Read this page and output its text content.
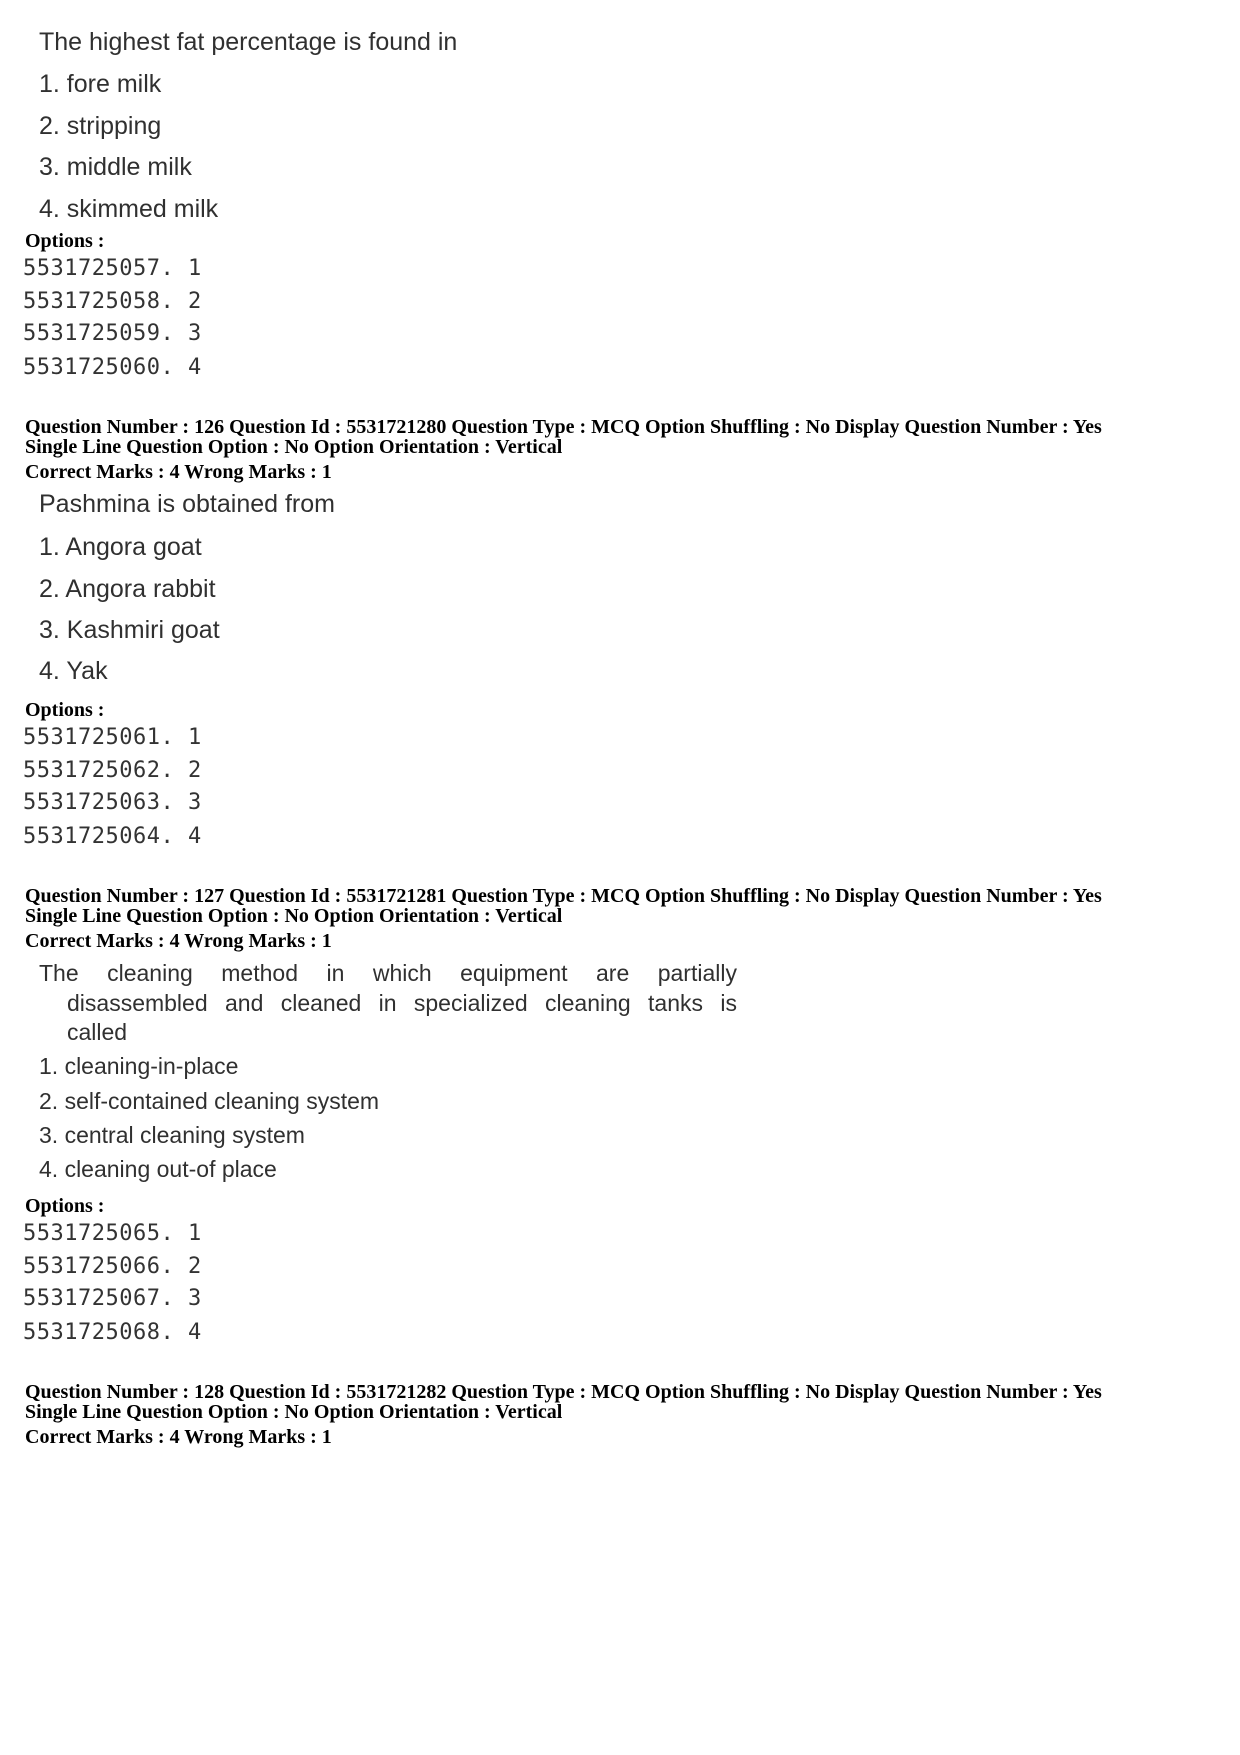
The highest fat percentage is found in
1. fore milk
2. stripping
3. middle milk
4. skimmed milk
Options :
5531725057. 1
5531725058. 2
5531725059. 3
5531725060. 4
Question Number : 126 Question Id : 5531721280 Question Type : MCQ Option Shuffling : No Display Question Number : Yes
Single Line Question Option : No Option Orientation : Vertical
Correct Marks : 4 Wrong Marks : 1
Pashmina is obtained from
1. Angora goat
2. Angora rabbit
3. Kashmiri goat
4. Yak
Options :
5531725061. 1
5531725062. 2
5531725063. 3
5531725064. 4
Question Number : 127 Question Id : 5531721281 Question Type : MCQ Option Shuffling : No Display Question Number : Yes
Single Line Question Option : No Option Orientation : Vertical
Correct Marks : 4 Wrong Marks : 1
The cleaning method in which equipment are partially
disassembled and cleaned in specialized cleaning tanks is
called
1. cleaning-in-place
2. self-contained cleaning system
3. central cleaning system
4. cleaning out-of place
Options :
5531725065. 1
5531725066. 2
5531725067. 3
5531725068. 4
Question Number : 128 Question Id : 5531721282 Question Type : MCQ Option Shuffling : No Display Question Number : Yes
Single Line Question Option : No Option Orientation : Vertical
Correct Marks : 4 Wrong Marks : 1
